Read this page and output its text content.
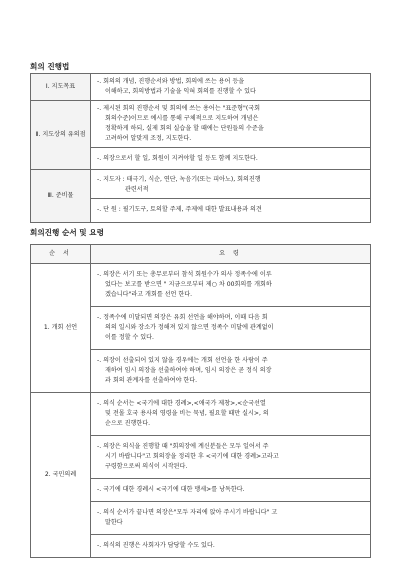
회의 진행법
Ⅰ. 지도목표	-. 회의의 개념, 진행순서와 방법, 회의에 쓰는 용어 등을
이해하고, 회의방법과 기술을 익혀 회의를 진행할 수 있다

Ⅱ. 지도상의 유의점	-. 제시된 회의 진행순서 및 회의에 쓰는 용어는 "표준형"(국회
회의수준)이므로 예시를 통해 구체적으로 지도하여 개념은
정확하게 하되, 실제 회의 실습을 할 때에는 단원들의 수준을
고려하여 알맞게 조정, 지도한다.
-. 의장으로서 할 일, 회원이 지켜야할 일 등도 함께 지도한다.

Ⅲ. 준비물	-. 지도자 : 태극기, 식순, 연단, 녹음기(또는 피아노), 회의진행
관련서적
-. 단 원 : 필기도구, 토의할 주제, 주제에 대한 발표내용과 의견
회의진행 순서 및 요령
순 서	요 령
1. 개회 선언	-. 의장은 서기 또는 총무로부터 참석 회원수가 의사 정족수에 이루
었다는 보고를 받으면 " 지금으로부터 제○ 차 00회의를 개회하
겠습니다"라고 개회를 선언 한다.

	-. 정족수에 미달되면 의장은 유회 선언을 해야하며, 이때 다음 회
의의 일시와 장소가 정해져 있지 않으면 정족수 미달에 관계없이
이를 정할 수 있다.

	-. 의장이 선출되어 있지 않을 경우에는 개회 선언을 한 사람이 주
재하여 임시 의장을 선출하여야 하며, 임시 의장은 곧 정식 의장
과 회의 관계자를 선출하여야 한다.

2. 국민의례	-. 의식 순서는 <국기에 대한 경례>,<애국가 제창>,<순국선열
및 전몰 호국 용사의 영령을 비는 묵념, 필요할 때만 실시>, 의
순으로 진행한다.

	-. 의장은 의식을 진행할 때 "회의장에 계신분들은 모두 일어서 주
시기 바랍니다"고 회의장을 정리한 후 <국기에 대한 경례>고라고
구령함으로써 의식이 시작된다.

	-. 국기에 대한 경례시 <국기에 대한 맹세>를 낭독한다.

	-. 의식 순서가 끝나면 의장은"모두 자리에 앉아 주시기 바랍니다" 고
말한다

	-. 의식의 진행은 사회자가 담당할 수도 있다.
